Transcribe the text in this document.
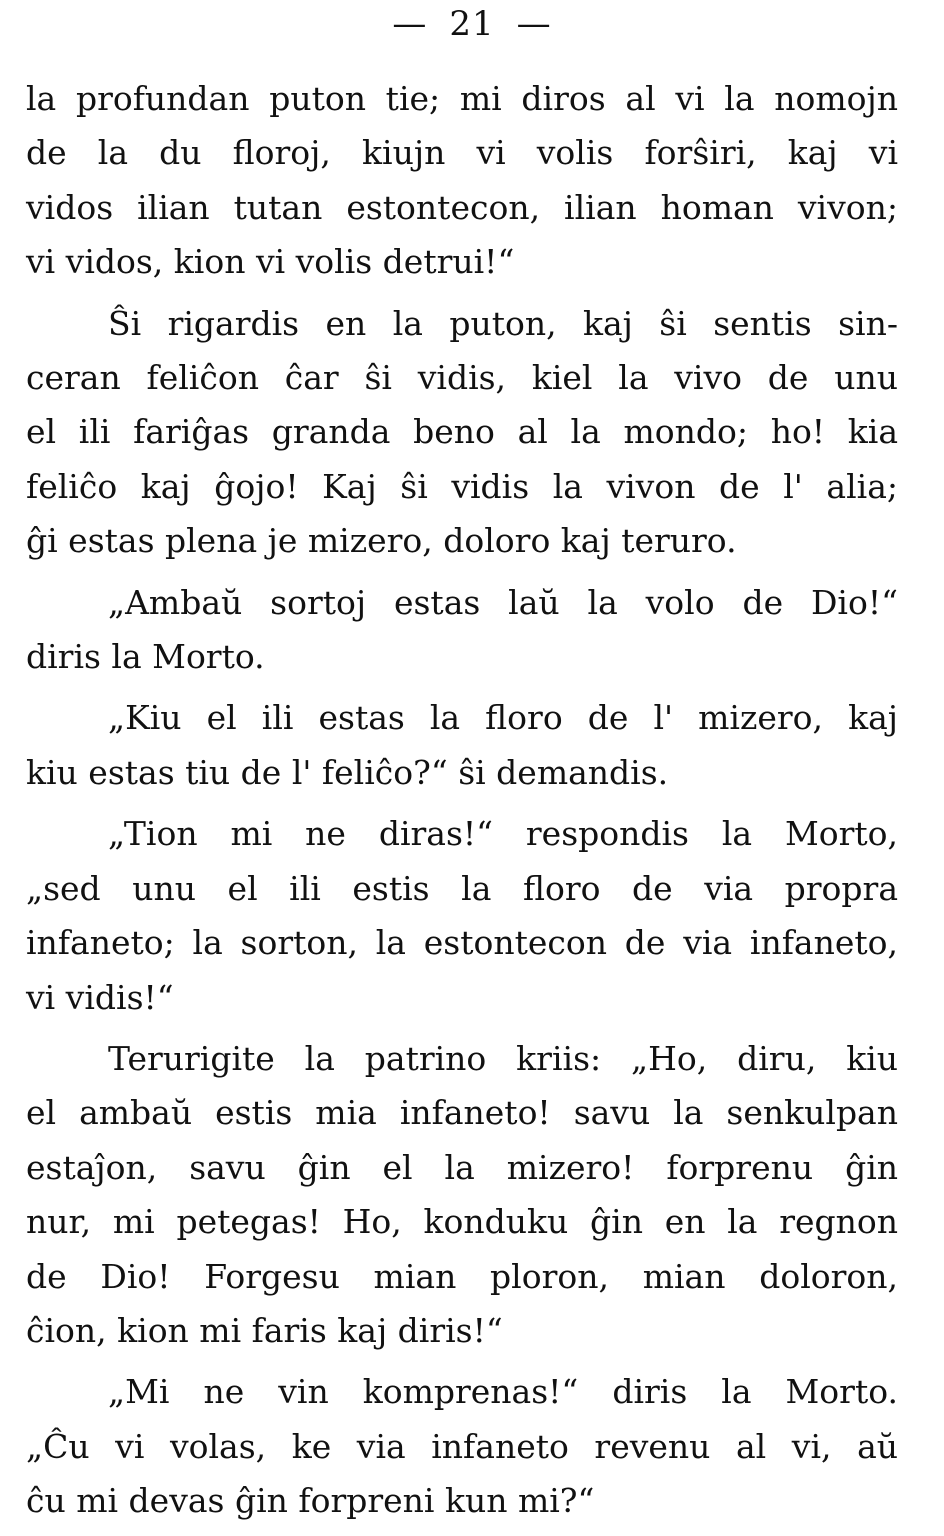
— 21 —
la profundan puton tie; mi diros al vi la nomojn
de la du floroj, kiujn vi volis forŝiri, kaj vi
vidos ilian tutan estontecon, ilian homan vivon;
vi vidos, kion vi volis detrui!“
Ŝi rigardis en la puton, kaj ŝi sentis sin-
ceran feliĉon ĉar ŝi vidis, kiel la vivo de unu
el ili fariĝas granda beno al la mondo; ho! kia
feliĉo kaj ĝojo! Kaj ŝi vidis la vivon de l' alia;
ĝi estas plena je mizero, doloro kaj teruro.
„Ambaŭ sortoj estas laŭ la volo de Dio!“
diris la Morto.
„Kiu el ili estas la floro de l' mizero, kaj
kiu estas tiu de l' feliĉo?“ ŝi demandis.
„Tion mi ne diras!“ respondis la Morto,
„sed unu el ili estis la floro de via propra
infaneto; la sorton, la estontecon de via infaneto,
vi vidis!“
Terurigite la patrino kriis: „Ho, diru, kiu
el ambaŭ estis mia infaneto! savu la senkulpan
estaĵon, savu ĝin el la mizero! forprenu ĝin
nur, mi petegas! Ho, konduku ĝin en la regnon
de Dio! Forgesu mian ploron, mian doloron,
ĉion, kion mi faris kaj diris!“
„Mi ne vin komprenas!“ diris la Morto.
„Ĉu vi volas, ke via infaneto revenu al vi, aŭ
ĉu mi devas ĝin forpreni kun mi?“
